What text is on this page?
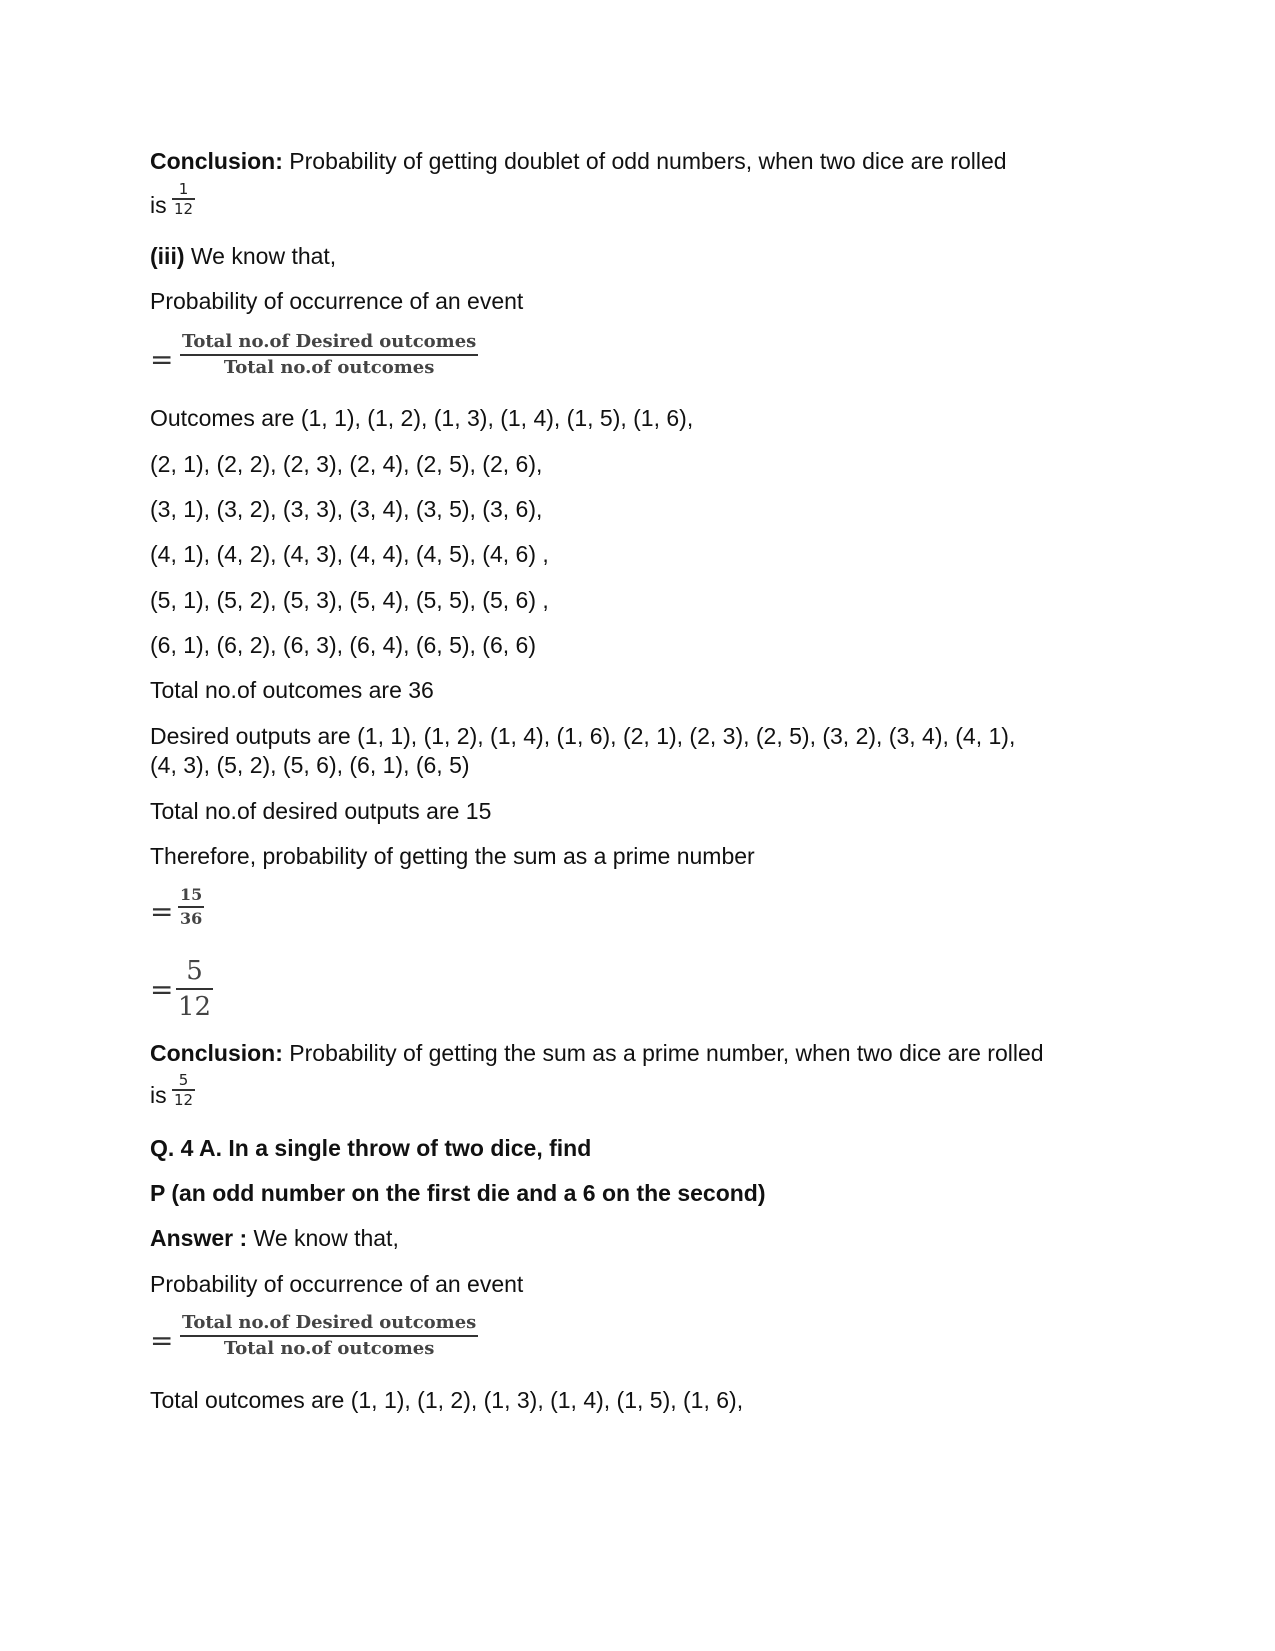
Conclusion: Probability of getting doublet of odd numbers, when two dice are rolled
is
1
12
(iii) We know that,
Probability of occurrence of an event
=
Total no.of Desired outcomes
Total no.of outcomes
Outcomes are (1, 1), (1, 2), (1, 3), (1, 4), (1, 5), (1, 6),
(2, 1), (2, 2), (2, 3), (2, 4), (2, 5), (2, 6),
(3, 1), (3, 2), (3, 3), (3, 4), (3, 5), (3, 6),
(4, 1), (4, 2), (4, 3), (4, 4), (4, 5), (4, 6) ,
(5, 1), (5, 2), (5, 3), (5, 4), (5, 5), (5, 6) ,
(6, 1), (6, 2), (6, 3), (6, 4), (6, 5), (6, 6)
Total no.of outcomes are 36
Desired outputs are (1, 1), (1, 2), (1, 4), (1, 6), (2, 1), (2, 3), (2, 5), (3, 2), (3, 4), (4, 1),
(4, 3), (5, 2), (5, 6), (6, 1), (6, 5)
Total no.of desired outputs are 15
Therefore, probability of getting the sum as a prime number
=
15
36
=
5
12
Conclusion: Probability of getting the sum as a prime number, when two dice are rolled
is
5
12
Q. 4 A. In a single throw of two dice, find
P (an odd number on the first die and a 6 on the second)
Answer : We know that,
Probability of occurrence of an event
=
Total no.of Desired outcomes
Total no.of outcomes
Total outcomes are (1, 1), (1, 2), (1, 3), (1, 4), (1, 5), (1, 6),
